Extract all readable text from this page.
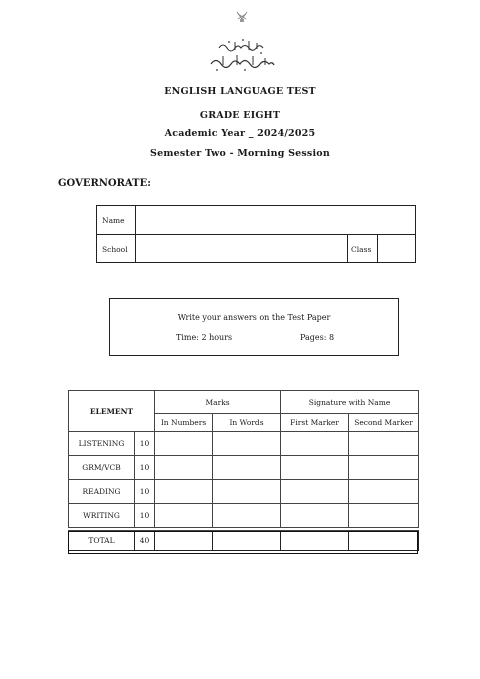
ENGLISH LANGUAGE TEST
GRADE EIGHT
Academic Year _ 2024/2025
Semester Two - Morning Session
GOVERNORATE:
Name
School	Class
Write your answers on the Test Paper
Time: 2 hours	Pages: 8
ELEMENT		Marks		Signature with Name	
		In Numbers	In Words	First Marker	Second Marker
LISTENING	10				
GRM/VCB	10				
READING	10				
WRITING	10				

TOTAL	40				
